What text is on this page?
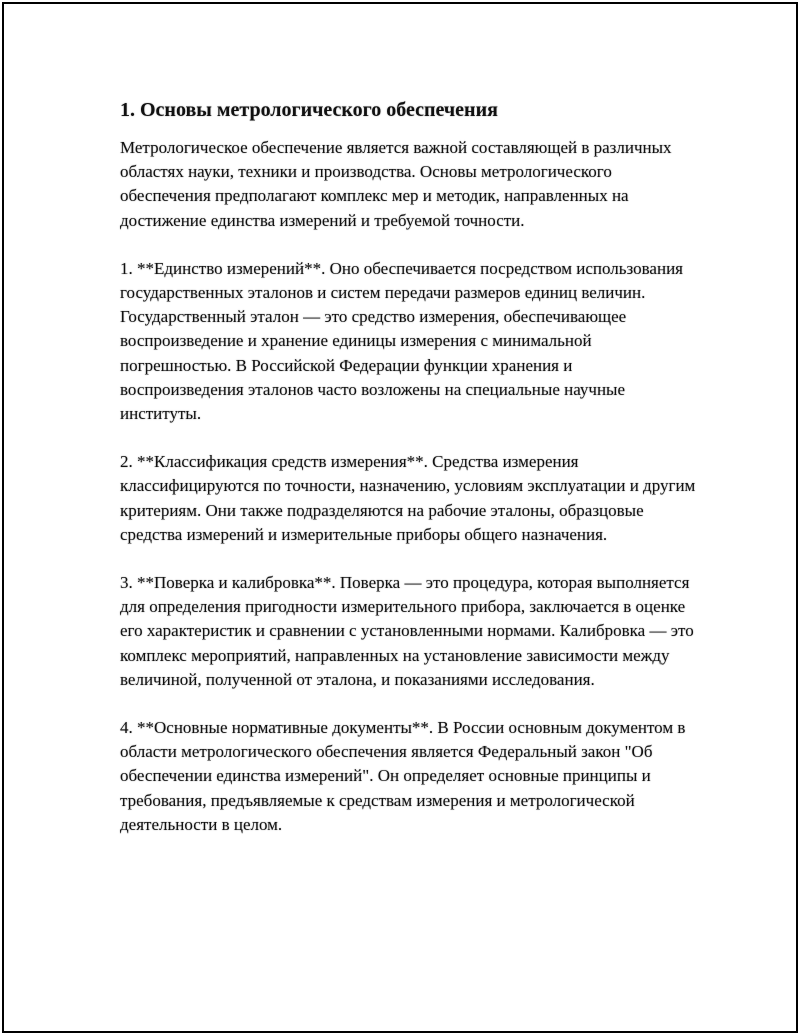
1. Основы метрологического обеспечения

Метрологическое обеспечение является важной составляющей в различных областях науки, техники и производства. Основы метрологического обеспечения предполагают комплекс мер и методик, направленных на достижение единства измерений и требуемой точности.

1. **Единство измерений**. Оно обеспечивается посредством использования государственных эталонов и систем передачи размеров единиц величин. Государственный эталон — это средство измерения, обеспечивающее воспроизведение и хранение единицы измерения с минимальной погрешностью. В Российской Федерации функции хранения и воспроизведения эталонов часто возложены на специальные научные институты.

2. **Классификация средств измерения**. Средства измерения классифицируются по точности, назначению, условиям эксплуатации и другим критериям. Они также подразделяются на рабочие эталоны, образцовые средства измерений и измерительные приборы общего назначения.

3. **Поверка и калибровка**. Поверка — это процедура, которая выполняется для определения пригодности измерительного прибора, заключается в оценке его характеристик и сравнении с установленными нормами. Калибровка — это комплекс мероприятий, направленных на установление зависимости между величиной, полученной от эталона, и показаниями исследования.

4. **Основные нормативные документы**. В России основным документом в области метрологического обеспечения является Федеральный закон "Об обеспечении единства измерений". Он определяет основные принципы и требования, предъявляемые к средствам измерения и метрологической деятельности в целом.
